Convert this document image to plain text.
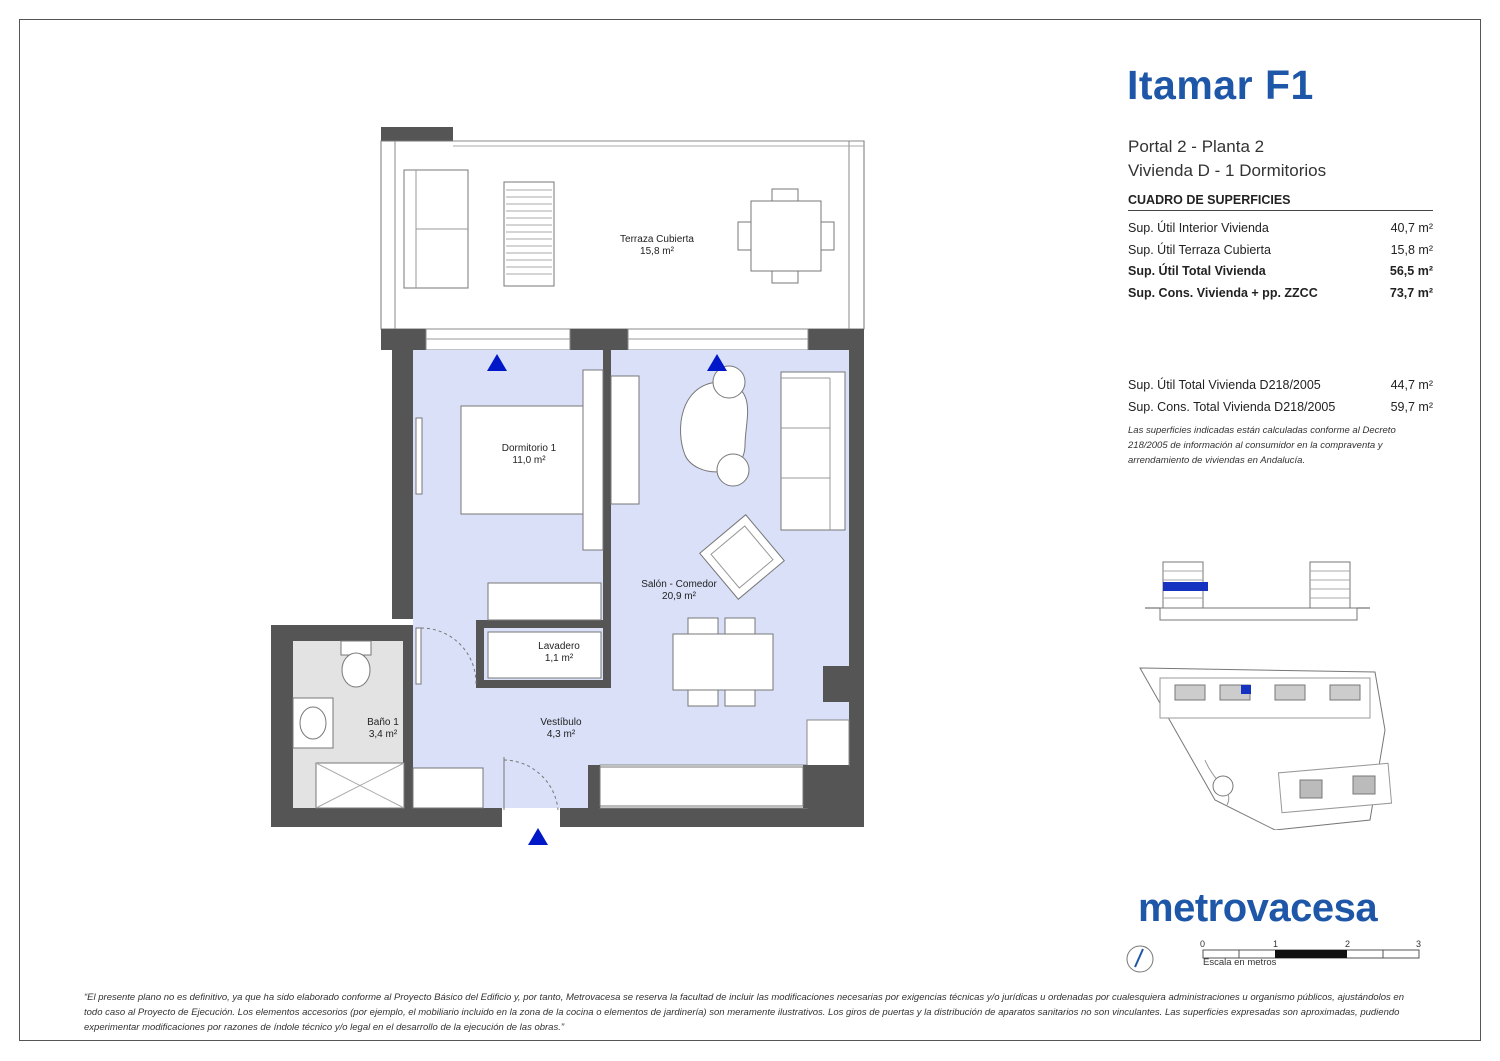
Terraza Cubierta
15,8 m²
Dormitorio 1
11,0 m²
Salón - Comedor
20,9 m²
Lavadero
1,1 m²
Baño 1
3,4 m²
Vestíbulo
4,3 m²
Itamar F1
Portal 2 - Planta 2
Vivienda D - 1 Dormitorios
CUADRO DE SUPERFICIES
Sup. Útil Interior Vivienda	40,7 m²
Sup. Útil Terraza Cubierta	15,8 m²
Sup. Útil Total Vivienda	56,5 m²
Sup. Cons. Vivienda + pp. ZZCC	73,7 m²
Sup. Útil Total Vivienda D218/2005	44,7 m²
Sup. Cons. Total Vivienda D218/2005	59,7 m²
Las superficies indicadas están calculadas conforme al Decreto 218/2005 de información al consumidor en la compraventa y arrendamiento de viviendas en Andalucía.
metrovacesa
0	1	2	3
Escala en metros
“El presente plano no es definitivo, ya que ha sido elaborado conforme al Proyecto Básico del Edificio y, por tanto, Metrovacesa se reserva la facultad de incluir las modificaciones necesarias por exigencias técnicas y/o jurídicas u ordenadas por cualesquiera administraciones u organismo públicos, ajustándolos en todo caso al Proyecto de Ejecución. Los elementos accesorios (por ejemplo, el mobiliario incluido en la zona de la cocina o elementos de jardinería) son meramente ilustrativos. Los giros de puertas y la distribución de aparatos sanitarios no son vinculantes. Las superficies expresadas son aproximadas, pudiendo experimentar modificaciones por razones de índole técnico y/o legal en el desarrollo de la ejecución de las obras.”
